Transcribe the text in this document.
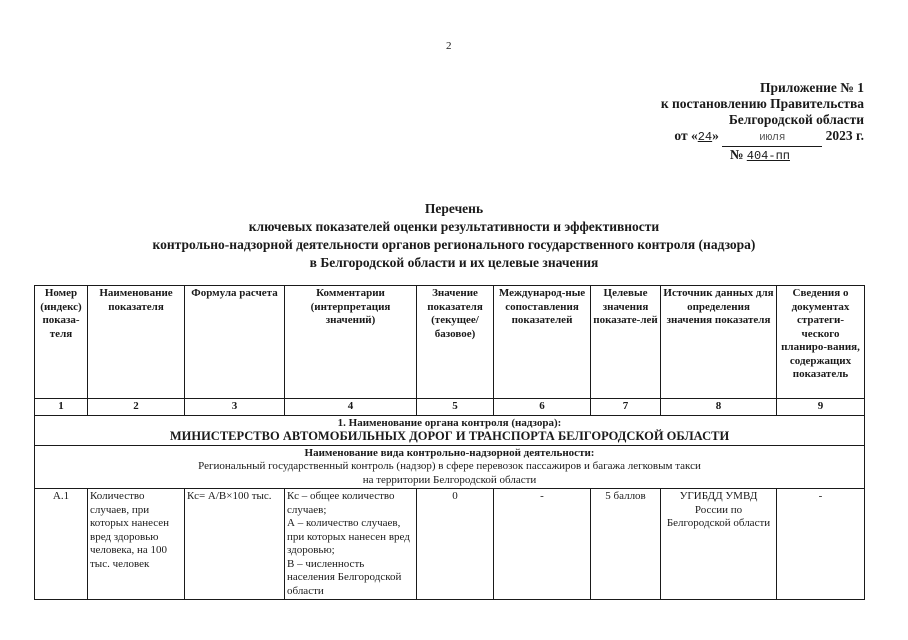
2
Приложение № 1
к постановлению Правительства
Белгородской области
от «24»	июля	2023 г.
№ 404-пп
Перечень
ключевых показателей оценки результативности и эффективности
контрольно-надзорной деятельности органов регионального государственного контроля (надзора)
в Белгородской области и их целевые значения
Номер (индекс) показа-теля	Наименование показателя	Формула расчета	Комментарии (интерпретация значений)	Значение показателя (текущее/ базовое)	Международ-ные сопоставления показателей	Целевые значения показате-лей	Источник данных для определения значения показателя	Сведения о документах стратеги-ческого планиро-вания, содержащих показатель
1	2	3	4	5	6	7	8	9

1. Наименование органа контроля (надзора):
МИНИСТЕРСТВО АВТОМОБИЛЬНЫХ ДОРОГ И ТРАНСПОРТА БЕЛГОРОДСКОЙ ОБЛАСТИ								

Наименование вида контрольно-надзорной деятельности:
Региональный государственный контроль (надзор) в сфере перевозок пассажиров и багажа легковым такси
на территории Белгородской области								

А.1	Количество случаев, при которых нанесен вред здоровью человека, на 100 тыс. человек	Кс= А/В×100 тыс.	Кс – общее количество случаев;
А – количество случаев, при которых нанесен вред здоровью;
В – численность населения Белгородской области	0	-	5 баллов	УГИБДД УМВД России по Белгородской области	-
